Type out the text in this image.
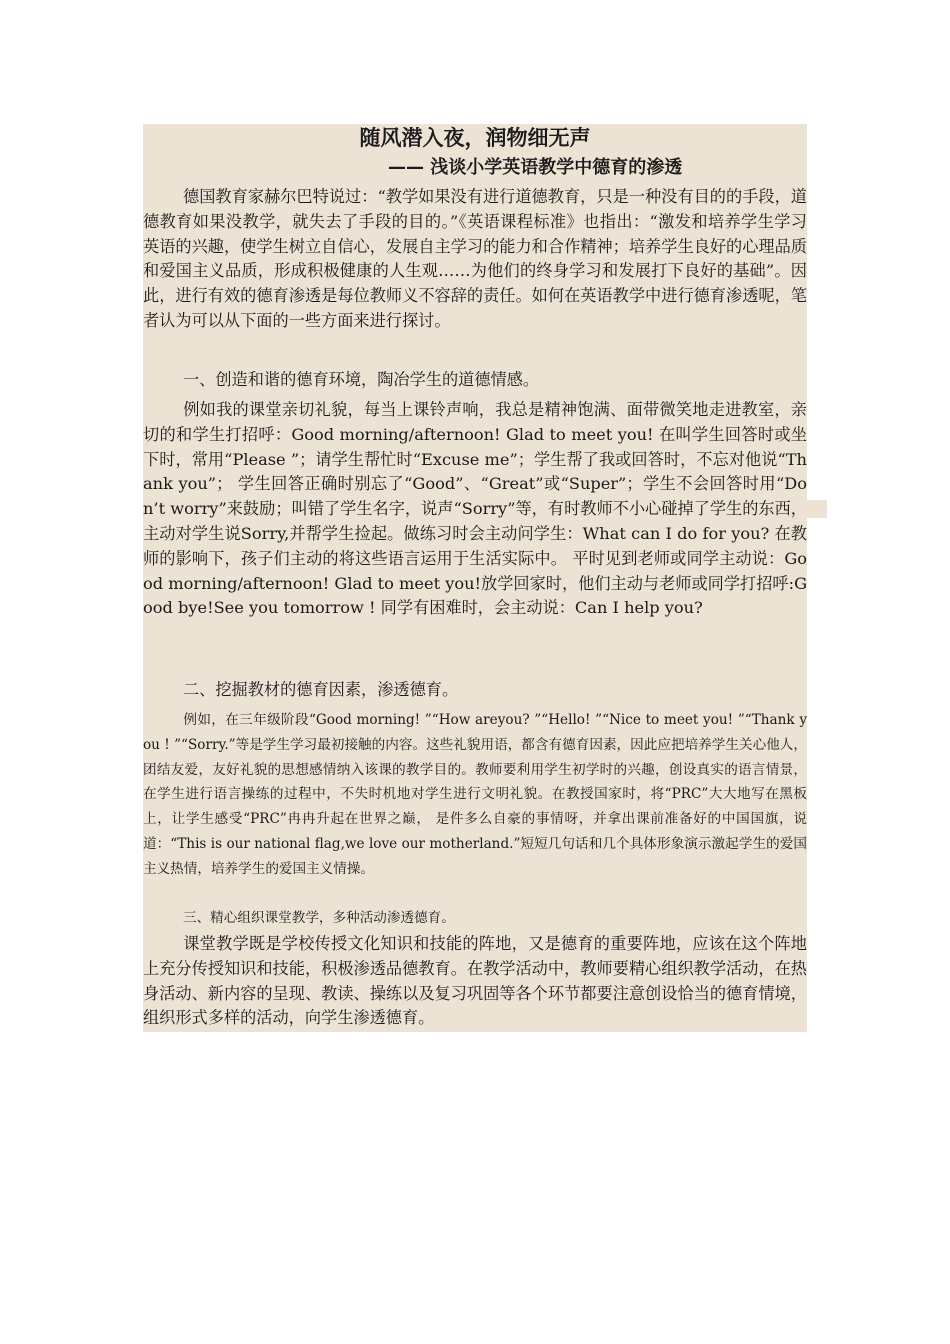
随风潜入夜，润物细无声
—— 浅谈小学英语教学中德育的渗透

德国教育家赫尔巴特说过：“教学如果没有进行道德教育，只是一种没有目的的手段，道德教育如果没教学，就失去了手段的目的。”《英语课程标准》也指出：“激发和培养学生学习英语的兴趣，使学生树立自信心，发展自主学习的能力和合作精神；培养学生良好的心理品质和爱国主义品质，形成积极健康的人生观……为他们的终身学习和发展打下良好的基础”。因此，进行有效的德育渗透是每位教师义不容辞的责任。如何在英语教学中进行德育渗透呢，笔者认为可以从下面的一些方面来进行探讨。

一、创造和谐的德育环境，陶冶学生的道德情感。

例如我的课堂亲切礼貌，每当上课铃声响，我总是精神饱满、面带微笑地走进教室，亲切的和学生打招呼：Good morning/afternoon! Glad to meet you! 在叫学生回答时或坐下时，常用“Please ”；请学生帮忙时“Excuse me”；学生帮了我或回答时，不忘对他说“Thank you”； 学生回答正确时别忘了“Good”、“Great”或“Super”；学生不会回答时用“Don’t worry”来鼓励；叫错了学生名字，说声“Sorry”等，有时教师不小心碰掉了学生的东西，主动对学生说Sorry,并帮学生捡起。做练习时会主动问学生：What can I do for you? 在教师的影响下，孩子们主动的将这些语言运用于生活实际中。 平时见到老师或同学主动说：Good morning/afternoon! Glad to meet you!放学回家时，他们主动与老师或同学打招呼:Good bye!See you tomorrow ! 同学有困难时，会主动说：Can I help you?

二、挖掘教材的德育因素，渗透德育。

例如，在三年级阶段“Good morning! ”“How areyou? ”“Hello! ”“Nice to meet you! ”“Thank you ! ”“Sorry.”等是学生学习最初接触的内容。这些礼貌用语，都含有德育因素，因此应把培养学生关心他人，团结友爱，友好礼貌的思想感情纳入该课的教学目的。教师要利用学生初学时的兴趣，创设真实的语言情景，在学生进行语言操练的过程中，不失时机地对学生进行文明礼貌。在教授国家时，将“PRC”大大地写在黑板上，让学生感受“PRC”冉冉升起在世界之巅， 是件多么自豪的事情呀，并拿出课前准备好的中国国旗，说道：“This is our national flag,we love our motherland.”短短几句话和几个具体形象演示激起学生的爱国主义热情，培养学生的爱国主义情操。

三、精心组织课堂教学，多种活动渗透德育。

课堂教学既是学校传授文化知识和技能的阵地，又是德育的重要阵地，应该在这个阵地上充分传授知识和技能，积极渗透品德教育。在教学活动中，教师要精心组织教学活动，在热身活动、新内容的呈现、教读、操练以及复习巩固等各个环节都要注意创设恰当的德育情境，组织形式多样的活动，向学生渗透德育。
